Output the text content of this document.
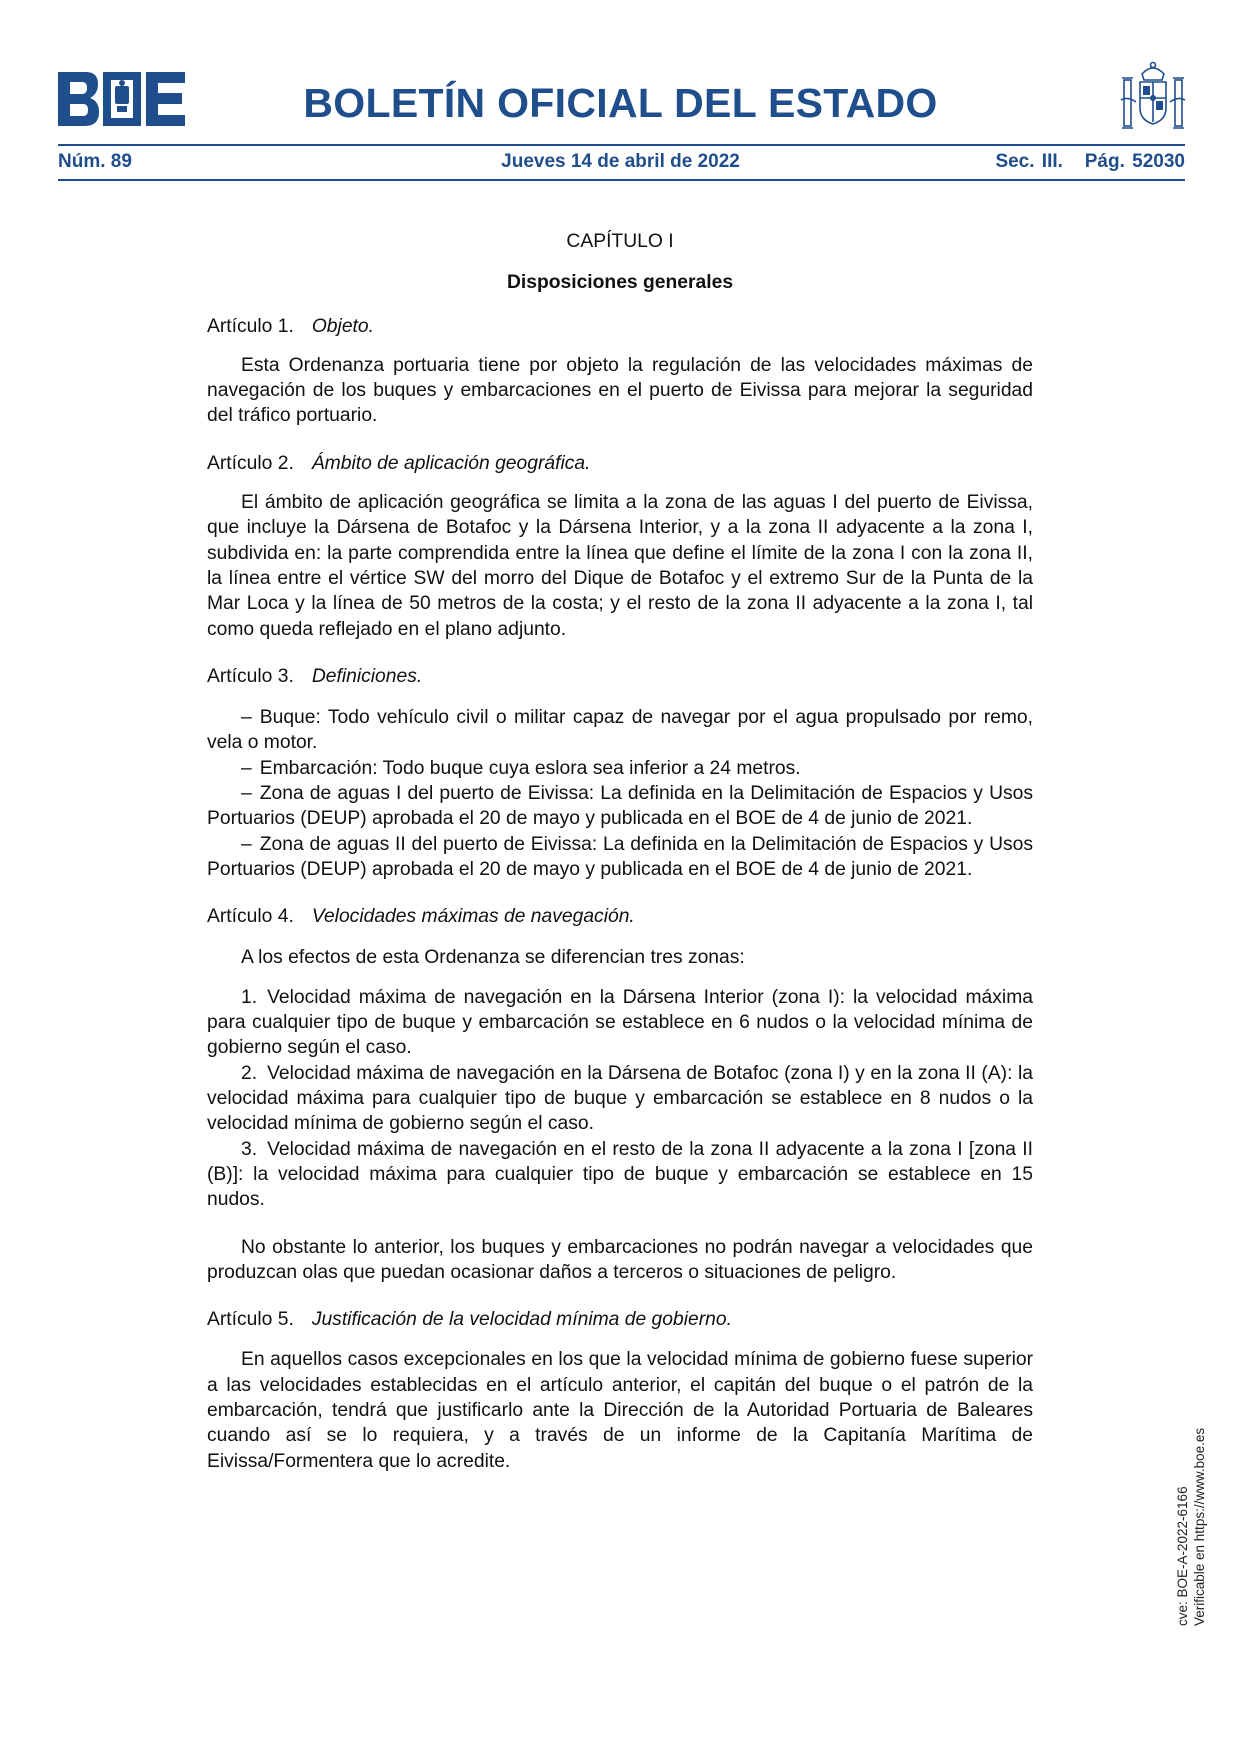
BOLETÍN OFICIAL DEL ESTADO
Núm. 89	Jueves 14 de abril de 2022	Sec. III.   Pág. 52030
CAPÍTULO I
Disposiciones generales
Artículo 1. Objeto.

Esta Ordenanza portuaria tiene por objeto la regulación de las velocidades máximas de navegación de los buques y embarcaciones en el puerto de Eivissa para mejorar la seguridad del tráfico portuario.

Artículo 2. Ámbito de aplicación geográfica.

El ámbito de aplicación geográfica se limita a la zona de las aguas I del puerto de Eivissa, que incluye la Dársena de Botafoc y la Dársena Interior, y a la zona II adyacente a la zona I, subdivida en: la parte comprendida entre la línea que define el límite de la zona I con la zona II, la línea entre el vértice SW del morro del Dique de Botafoc y el extremo Sur de la Punta de la Mar Loca y la línea de 50 metros de la costa; y el resto de la zona II adyacente a la zona I, tal como queda reflejado en el plano adjunto.

Artículo 3. Definiciones.

– Buque: Todo vehículo civil o militar capaz de navegar por el agua propulsado por remo, vela o motor.

– Embarcación: Todo buque cuya eslora sea inferior a 24 metros.

– Zona de aguas I del puerto de Eivissa: La definida en la Delimitación de Espacios y Usos Portuarios (DEUP) aprobada el 20 de mayo y publicada en el BOE de 4 de junio de 2021.

– Zona de aguas II del puerto de Eivissa: La definida en la Delimitación de Espacios y Usos Portuarios (DEUP) aprobada el 20 de mayo y publicada en el BOE de 4 de junio de 2021.

Artículo 4. Velocidades máximas de navegación.

A los efectos de esta Ordenanza se diferencian tres zonas:

1. Velocidad máxima de navegación en la Dársena Interior (zona I): la velocidad máxima para cualquier tipo de buque y embarcación se establece en 6 nudos o la velocidad mínima de gobierno según el caso.

2. Velocidad máxima de navegación en la Dársena de Botafoc (zona I) y en la zona II (A): la velocidad máxima para cualquier tipo de buque y embarcación se establece en 8 nudos o la velocidad mínima de gobierno según el caso.

3. Velocidad máxima de navegación en el resto de la zona II adyacente a la zona I [zona II (B)]: la velocidad máxima para cualquier tipo de buque y embarcación se establece en 15 nudos.

No obstante lo anterior, los buques y embarcaciones no podrán navegar a velocidades que produzcan olas que puedan ocasionar daños a terceros o situaciones de peligro.

Artículo 5. Justificación de la velocidad mínima de gobierno.

En aquellos casos excepcionales en los que la velocidad mínima de gobierno fuese superior a las velocidades establecidas en el artículo anterior, el capitán del buque o el patrón de la embarcación, tendrá que justificarlo ante la Dirección de la Autoridad Portuaria de Baleares cuando así se lo requiera, y a través de un informe de la Capitanía Marítima de Eivissa/Formentera que lo acredite.

cve: BOE-A-2022-6166 Verificable en https://www.boe.es
